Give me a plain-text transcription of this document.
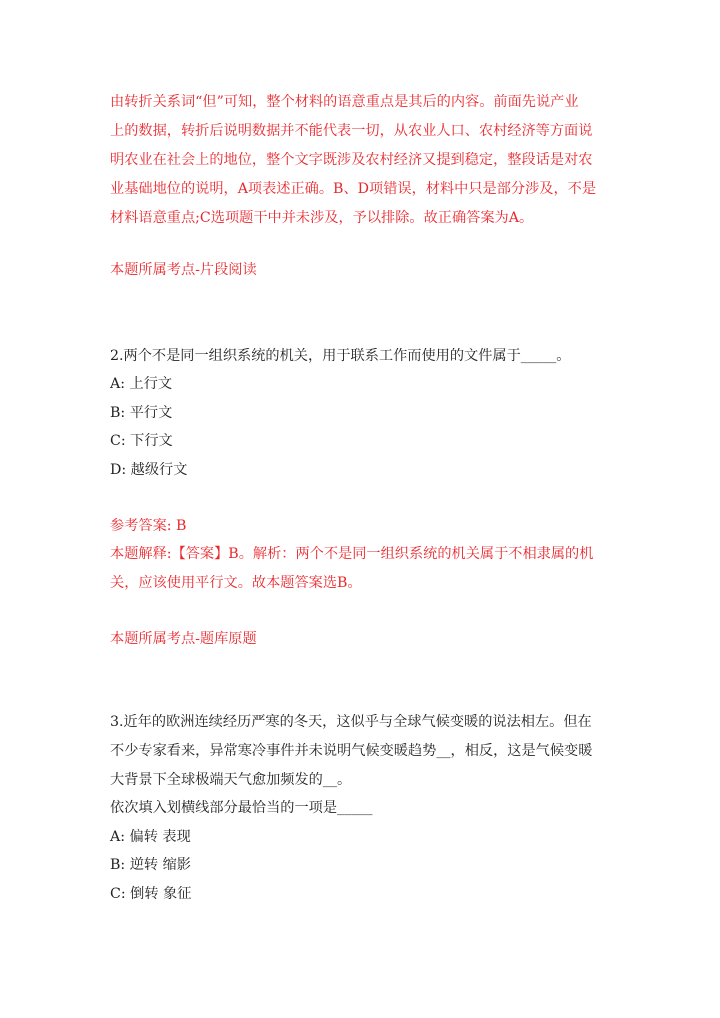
由转折关系词“但”可知，整个材料的语意重点是其后的内容。前面先说产业
上的数据，转折后说明数据并不能代表一切，从农业人口、农村经济等方面说
明农业在社会上的地位，整个文字既涉及农村经济又提到稳定，整段话是对农
业基础地位的说明，A项表述正确。B、D项错误，材料中只是部分涉及，不是
材料语意重点;C选项题干中并未涉及，予以排除。故正确答案为A。
本题所属考点-片段阅读
2.两个不是同一组织系统的机关，用于联系工作而使用的文件属于_____。
A: 上行文
B: 平行文
C: 下行文
D: 越级行文
参考答案: B
本题解释:【答案】B。解析：两个不是同一组织系统的机关属于不相隶属的机
关，应该使用平行文。故本题答案选B。
本题所属考点-题库原题
3.近年的欧洲连续经历严寒的冬天，这似乎与全球气候变暖的说法相左。但在
不少专家看来，异常寒冷事件并未说明气候变暖趋势__，相反，这是气候变暖
大背景下全球极端天气愈加频发的__。
依次填入划横线部分最恰当的一项是_____
A: 偏转 表现
B: 逆转 缩影
C: 倒转 象征
